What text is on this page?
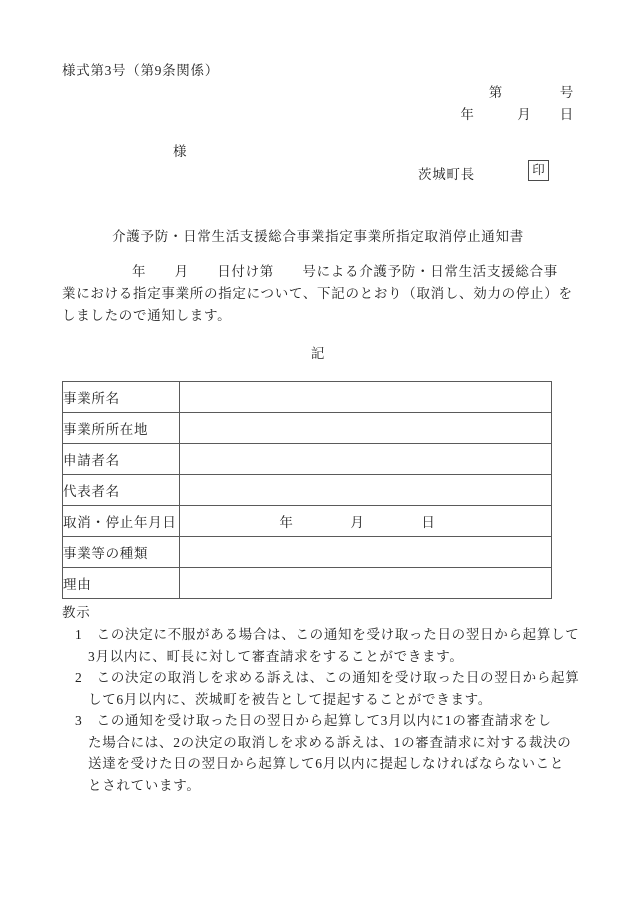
様式第3号（第9条関係）
第　　　　号
年　　　月　　日
様
茨城町長	印
介護予防・日常生活支援総合事業指定事業所指定取消停止通知書
年　　月　　日付け第　　号による介護予防・日常生活支援総合事
業における指定事業所の指定について、下記のとおり（取消し、効力の停止）を
しましたので通知します。
記
事業所名	
事業所所在地	
申請者名	
代表者名	
取消・停止年月日	　　　　　　　年　　　　月　　　　日
事業等の種類	
理由	
教示
1　この決定に不服がある場合は、この通知を受け取った日の翌日から起算して
3月以内に、町長に対して審査請求をすることができます。
2　この決定の取消しを求める訴えは、この通知を受け取った日の翌日から起算
して6月以内に、茨城町を被告として提起することができます。
3　この通知を受け取った日の翌日から起算して3月以内に1の審査請求をし
た場合には、2の決定の取消しを求める訴えは、1の審査請求に対する裁決の
送達を受けた日の翌日から起算して6月以内に提起しなければならないこと
とされています。
